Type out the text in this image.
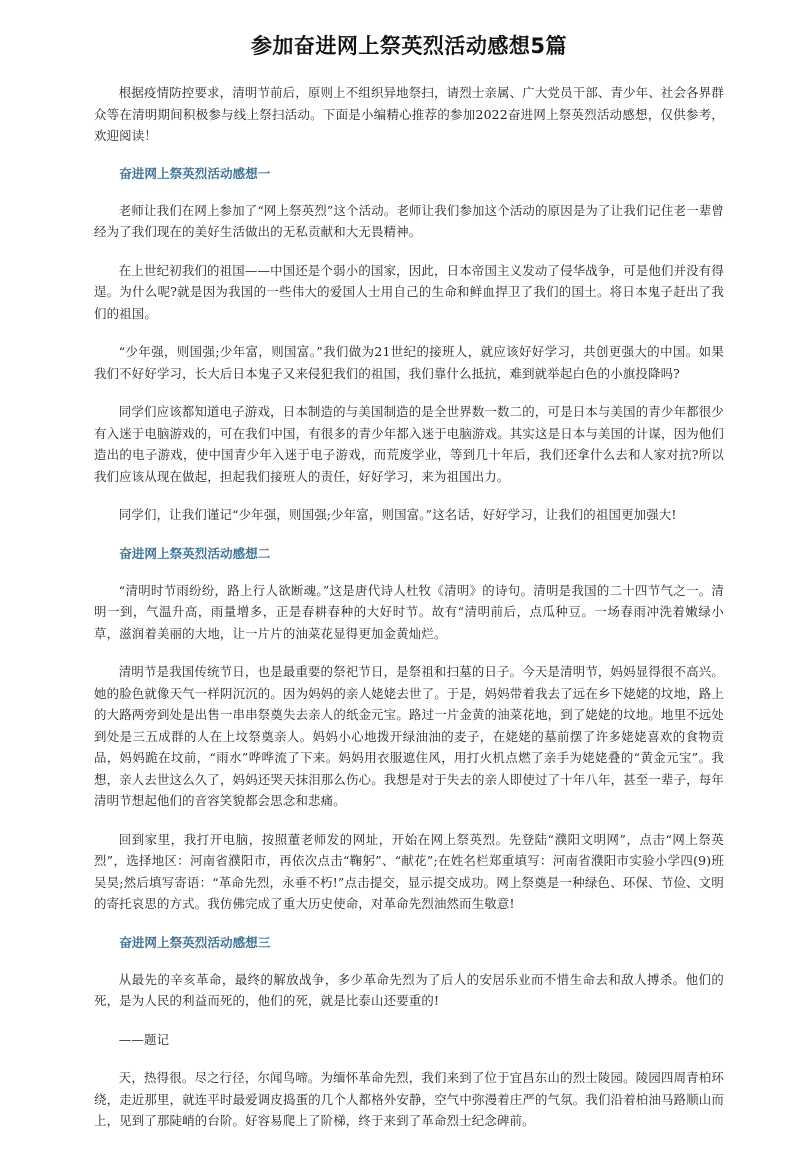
参加奋进网上祭英烈活动感想5篇

根据疫情防控要求，清明节前后，原则上不组织异地祭扫，请烈士亲属、广大党员干部、青少年、社会各界群众等在清明期间积极参与线上祭扫活动。下面是小编精心推荐的参加2022奋进网上祭英烈活动感想，仅供参考，欢迎阅读！

奋进网上祭英烈活动感想一

老师让我们在网上参加了“网上祭英烈”这个活动。老师让我们参加这个活动的原因是为了让我们记住老一辈曾经为了我们现在的美好生活做出的无私贡献和大无畏精神。

在上世纪初我们的祖国——中国还是个弱小的国家，因此，日本帝国主义发动了侵华战争，可是他们并没有得逞。为什么呢?就是因为我国的一些伟大的爱国人士用自己的生命和鲜血捍卫了我们的国土。将日本鬼子赶出了我们的祖国。

“少年强，则国强;少年富，则国富。”我们做为21世纪的接班人，就应该好好学习，共创更强大的中国。如果我们不好好学习，长大后日本鬼子又来侵犯我们的祖国，我们靠什么抵抗，难到就举起白色的小旗投降吗?

同学们应该都知道电子游戏，日本制造的与美国制造的是全世界数一数二的，可是日本与美国的青少年都很少有入迷于电脑游戏的，可在我们中国，有很多的青少年都入迷于电脑游戏。其实这是日本与美国的计谋，因为他们造出的电子游戏，使中国青少年入迷于电子游戏，而荒废学业，等到几十年后，我们还拿什么去和人家对抗?所以我们应该从现在做起，担起我们接班人的责任，好好学习，来为祖国出力。

同学们，让我们谨记“少年强，则国强;少年富，则国富。”这名话，好好学习，让我们的祖国更加强大!

奋进网上祭英烈活动感想二

“清明时节雨纷纷，路上行人欲断魂。”这是唐代诗人杜牧《清明》的诗句。清明是我国的二十四节气之一。清明一到，气温升高，雨量增多，正是春耕春种的大好时节。故有“清明前后，点瓜种豆。一场春雨冲洗着嫩绿小草，滋润着美丽的大地，让一片片的油菜花显得更加金黄灿烂。

清明节是我国传统节日，也是最重要的祭祀节日，是祭祖和扫墓的日子。今天是清明节，妈妈显得很不高兴。她的脸色就像天气一样阴沉沉的。因为妈妈的亲人姥姥去世了。于是，妈妈带着我去了远在乡下姥姥的坟地，路上的大路两旁到处是出售一串串祭奠失去亲人的纸金元宝。路过一片金黄的油菜花地，到了姥姥的坟地。地里不远处到处是三五成群的人在上坟祭奠亲人。妈妈小心地拨开绿油油的麦子，在姥姥的墓前摆了许多姥姥喜欢的食物贡品，妈妈跪在坟前，“雨水”哗哗流了下来。妈妈用衣服遮住风，用打火机点燃了亲手为姥姥叠的“黄金元宝”。我想，亲人去世这么久了，妈妈还哭天抹泪那么伤心。我想是对于失去的亲人即使过了十年八年，甚至一辈子，每年清明节想起他们的音容笑貌都会思念和悲痛。

回到家里，我打开电脑，按照董老师发的网址，开始在网上祭英烈。先登陆“濮阳文明网”，点击“网上祭英烈”，选择地区：河南省濮阳市，再依次点击“鞠躬”、“献花”;在姓名栏郑重填写：河南省濮阳市实验小学四(9)班吴昊;然后填写寄语：“革命先烈，永垂不朽!”点击提交，显示提交成功。网上祭奠是一种绿色、环保、节俭、文明的寄托哀思的方式。我仿佛完成了重大历史使命，对革命先烈油然而生敬意!

奋进网上祭英烈活动感想三

从最先的辛亥革命，最终的解放战争，多少革命先烈为了后人的安居乐业而不惜生命去和敌人搏杀。他们的死，是为人民的利益而死的，他们的死，就是比泰山还要重的!

——题记

天，热得很。尽之行径，尔闻鸟啼。为缅怀革命先烈，我们来到了位于宜昌东山的烈士陵园。陵园四周青柏环绕，走近那里，就连平时最爱调皮捣蛋的几个人都格外安静，空气中弥漫着庄严的气氛。我们沿着柏油马路顺山而上，见到了那陡峭的台阶。好容易爬上了阶梯，终于来到了革命烈士纪念碑前。
